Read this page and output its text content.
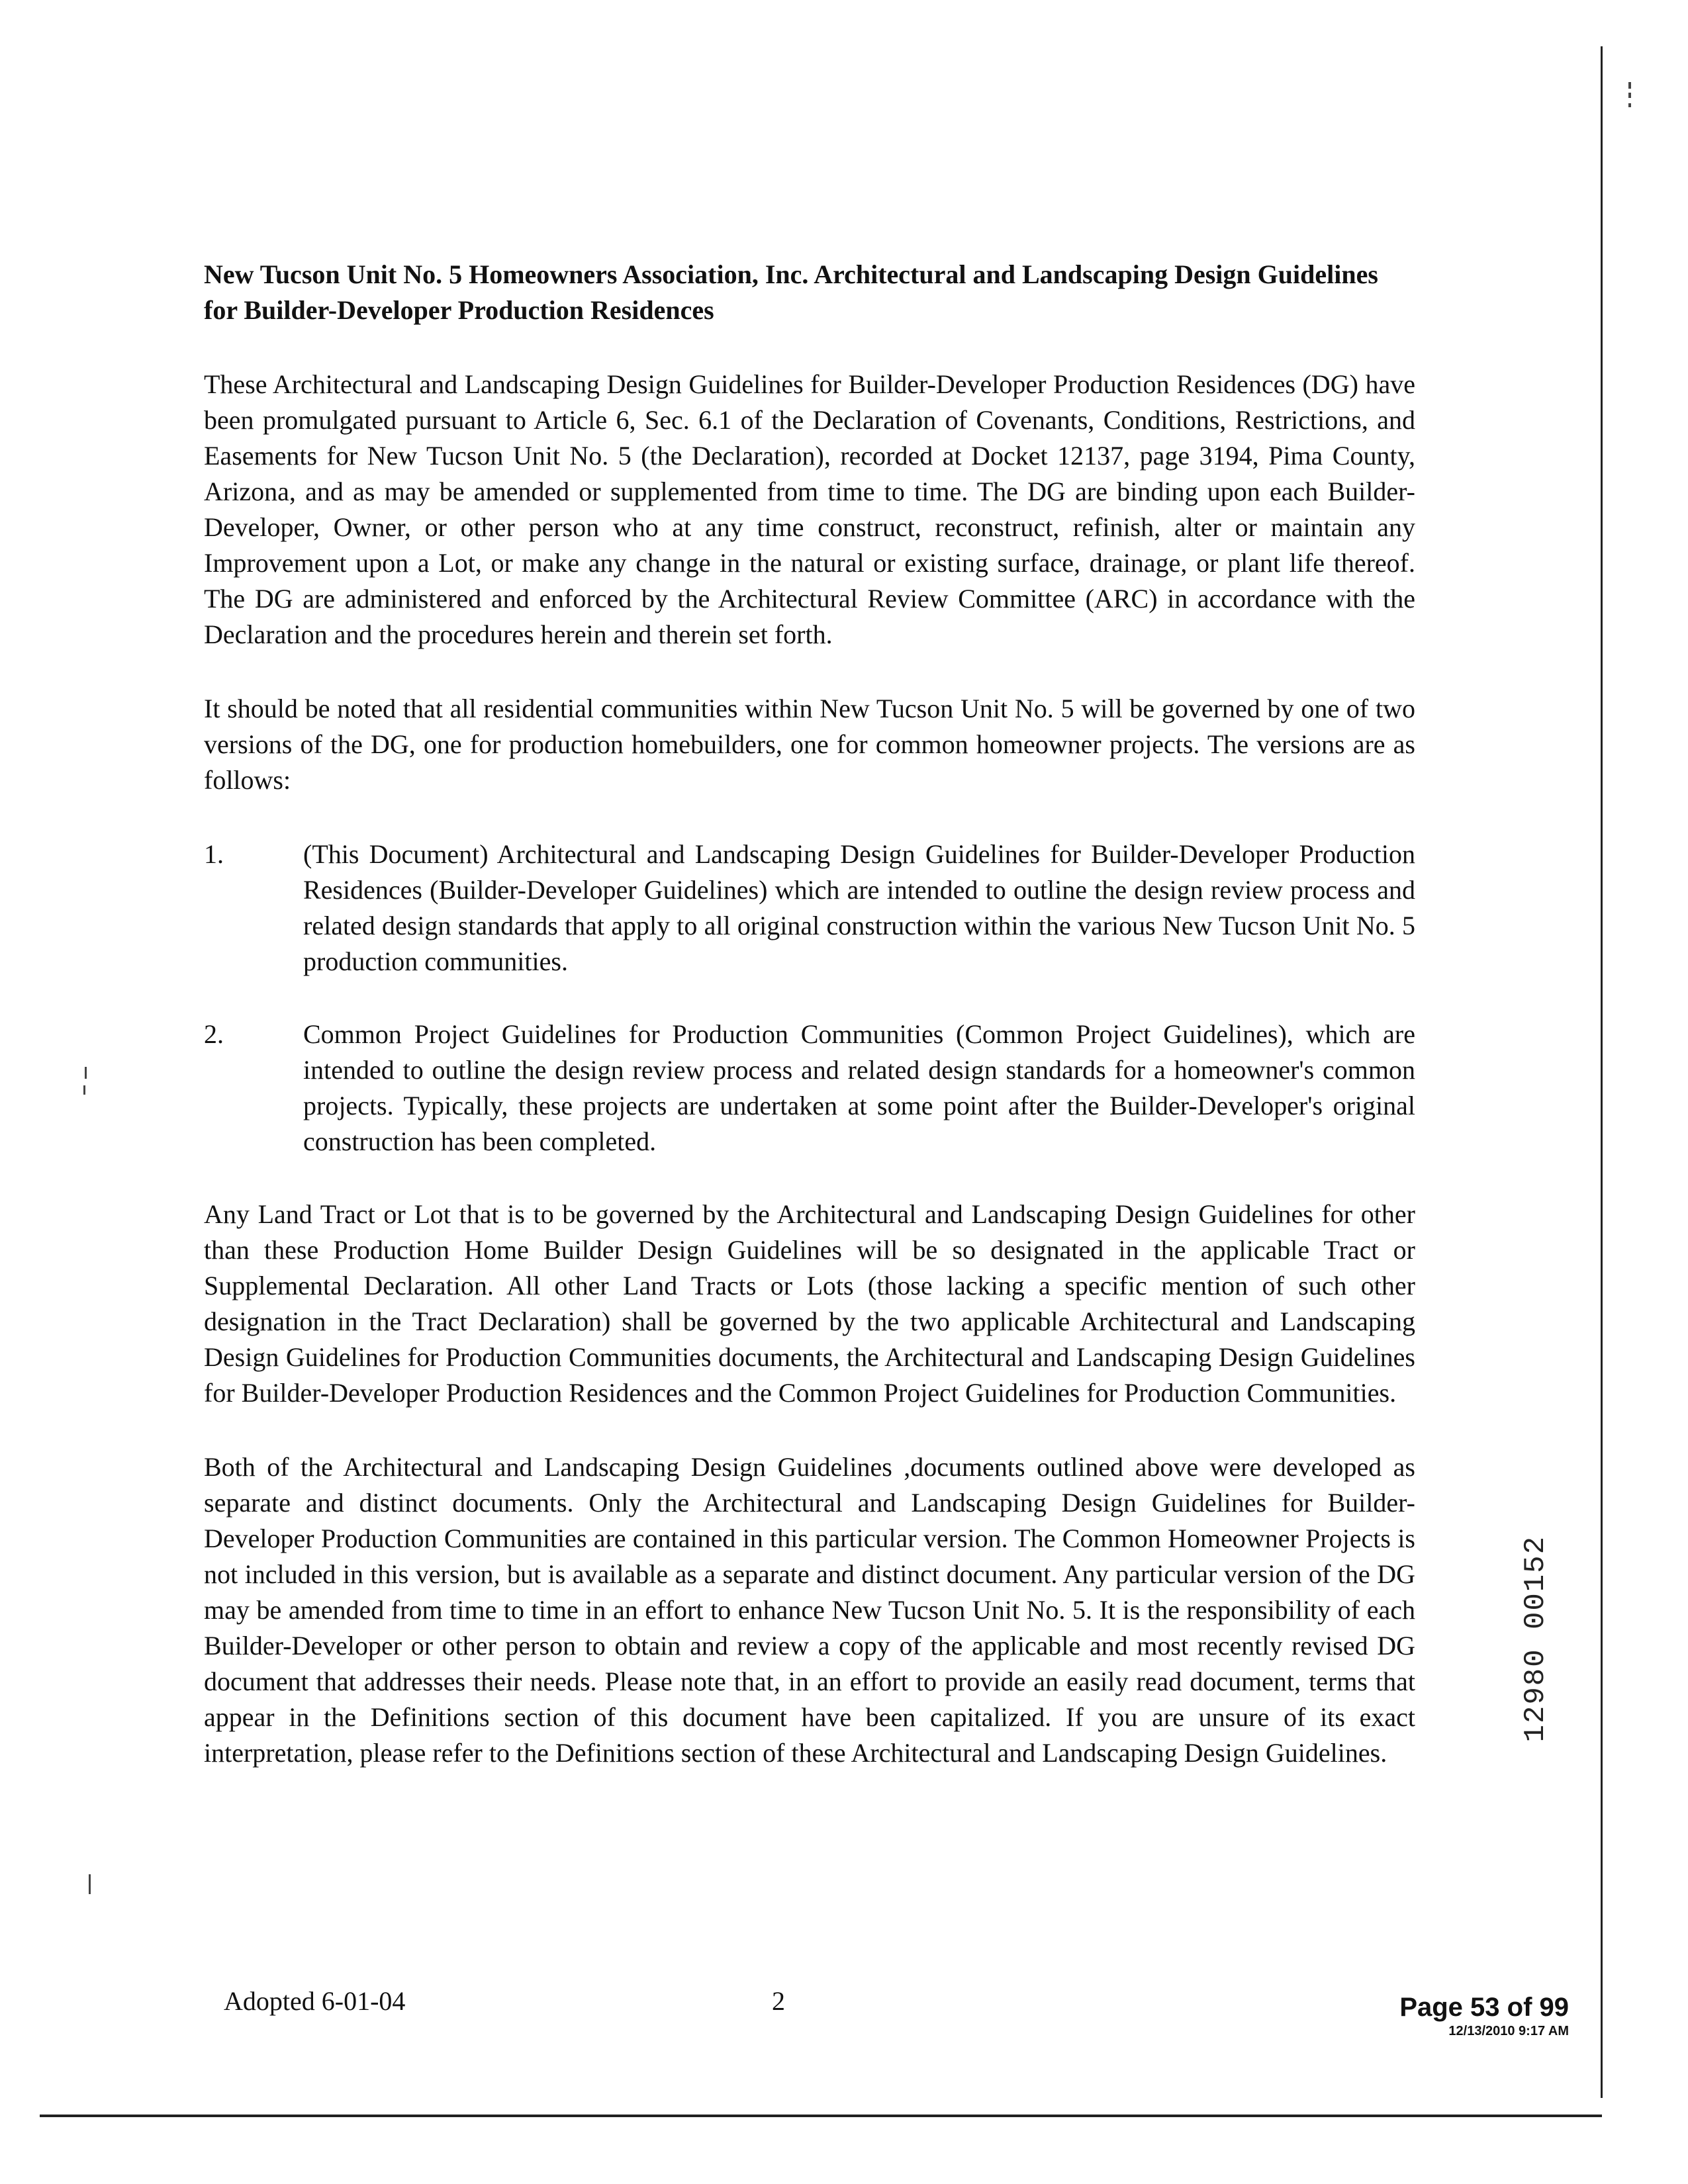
New Tucson Unit No. 5 Homeowners Association, Inc. Architectural and Landscaping Design Guidelines for Builder-Developer Production Residences

These Architectural and Landscaping Design Guidelines for Builder-Developer Production Residences (DG) have been promulgated pursuant to Article 6, Sec. 6.1 of the Declaration of Covenants, Conditions, Restrictions, and Easements for New Tucson Unit No. 5 (the Declaration), recorded at Docket 12137, page 3194, Pima County, Arizona, and as may be amended or supplemented from time to time. The DG are binding upon each Builder-Developer, Owner, or other person who at any time construct, reconstruct, refinish, alter or maintain any Improvement upon a Lot, or make any change in the natural or existing surface, drainage, or plant life thereof. The DG are administered and enforced by the Architectural Review Committee (ARC) in accordance with the Declaration and the procedures herein and therein set forth.

It should be noted that all residential communities within New Tucson Unit No. 5 will be governed by one of two versions of the DG, one for production homebuilders, one for common homeowner projects. The versions are as follows:

1.	(This Document) Architectural and Landscaping Design Guidelines for Builder-Developer Production Residences (Builder-Developer Guidelines) which are intended to outline the design review process and related design standards that apply to all original construction within the various New Tucson Unit No. 5 production communities.
2.	Common Project Guidelines for Production Communities (Common Project Guidelines), which are intended to outline the design review process and related design standards for a homeowner's common projects. Typically, these projects are undertaken at some point after the Builder-Developer's original construction has been completed.

Any Land Tract or Lot that is to be governed by the Architectural and Landscaping Design Guidelines for other than these Production Home Builder Design Guidelines will be so designated in the applicable Tract or Supplemental Declaration. All other Land Tracts or Lots (those lacking a specific mention of such other designation in the Tract Declaration) shall be governed by the two applicable Architectural and Landscaping Design Guidelines for Production Communities documents, the Architectural and Landscaping Design Guidelines for Builder-Developer Production Residences and the Common Project Guidelines for Production Communities.

Both of the Architectural and Landscaping Design Guidelines ,documents outlined above were developed as separate and distinct documents. Only the Architectural and Landscaping Design Guidelines for Builder-Developer Production Communities are contained in this particular version. The Common Homeowner Projects is not included in this version, but is available as a separate and distinct document. Any particular version of the DG may be amended from time to time in an effort to enhance New Tucson Unit No. 5. It is the responsibility of each Builder-Developer or other person to obtain and review a copy of the applicable and most recently revised DG document that addresses their needs. Please note that, in an effort to provide an easily read document, terms that appear in the Definitions section of this document have been capitalized. If you are unsure of its exact interpretation, please refer to the Definitions section of these Architectural and Landscaping Design Guidelines.

12980 00152
Adopted 6-01-04	2	Page 53 of 99
12/13/2010 9:17 AM
